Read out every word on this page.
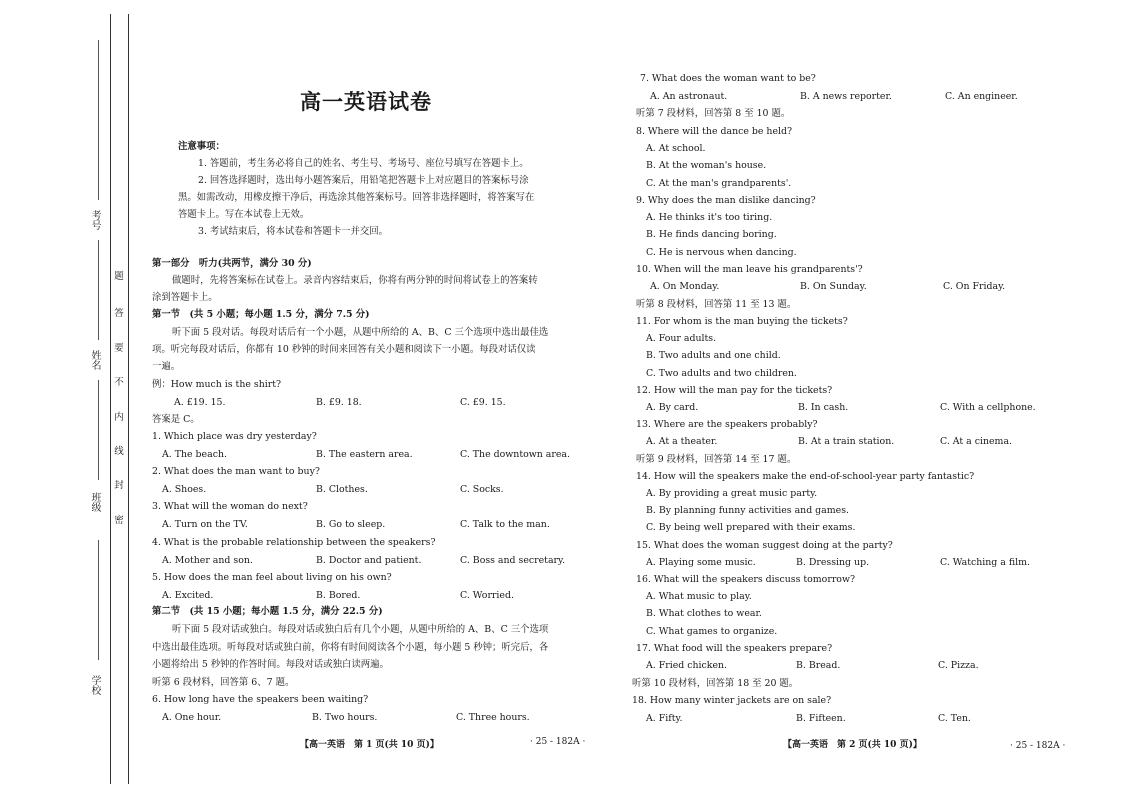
考号
姓名
班级
学校
题
答
要
不
内
线
封
密
高一英语试卷
注意事项：
1. 答题前，考生务必将自己的姓名、考生号、考场号、座位号填写在答题卡上。
2. 回答选择题时，选出每小题答案后，用铅笔把答题卡上对应题目的答案标号涂
黑。如需改动，用橡皮擦干净后，再选涂其他答案标号。回答非选择题时，将答案写在
答题卡上。写在本试卷上无效。
3. 考试结束后，将本试卷和答题卡一并交回。
第一部分　听力(共两节，满分 30 分)
做题时，先将答案标在试卷上。录音内容结束后，你将有两分钟的时间将试卷上的答案转
涂到答题卡上。
第一节　(共 5 小题；每小题 1.5 分，满分 7.5 分)
听下面 5 段对话。每段对话后有一个小题，从题中所给的 A、B、C 三个选项中选出最佳选
项。听完每段对话后，你都有 10 秒钟的时间来回答有关小题和阅读下一小题。每段对话仅读
一遍。
例：How much is the shirt?
A. £19. 15.	B. £9. 18.	C. £9. 15.
答案是 C。
1. Which place was dry yesterday?
A. The beach.	B. The eastern area.	C. The downtown area.
2. What does the man want to buy?
A. Shoes.	B. Clothes.	C. Socks.
3. What will the woman do next?
A. Turn on the TV.	B. Go to sleep.	C. Talk to the man.
4. What is the probable relationship between the speakers?
A. Mother and son.	B. Doctor and patient.	C. Boss and secretary.
5. How does the man feel about living on his own?
A. Excited.	B. Bored.	C. Worried.
第二节　(共 15 小题；每小题 1.5 分，满分 22.5 分)
听下面 5 段对话或独白。每段对话或独白后有几个小题，从题中所给的 A、B、C 三个选项
中选出最佳选项。听每段对话或独白前，你将有时间阅读各个小题，每小题 5 秒钟；听完后，各
小题将给出 5 秒钟的作答时间。每段对话或独白读两遍。
听第 6 段材料，回答第 6、7 题。
6. How long have the speakers been waiting?
A. One hour.	B. Two hours.	C. Three hours.
【高一英语　第 1 页(共 10 页)】	· 25 - 182A ·
7. What does the woman want to be?
A. An astronaut.	B. A news reporter.	C. An engineer.
听第 7 段材料，回答第 8 至 10 题。
8. Where will the dance be held?
A. At school.
B. At the woman's house.
C. At the man's grandparents'.
9. Why does the man dislike dancing?
A. He thinks it's too tiring.
B. He finds dancing boring.
C. He is nervous when dancing.
10. When will the man leave his grandparents'?
A. On Monday.	B. On Sunday.	C. On Friday.
听第 8 段材料，回答第 11 至 13 题。
11. For whom is the man buying the tickets?
A. Four adults.
B. Two adults and one child.
C. Two adults and two children.
12. How will the man pay for the tickets?
A. By card.	B. In cash.	C. With a cellphone.
13. Where are the speakers probably?
A. At a theater.	B. At a train station.	C. At a cinema.
听第 9 段材料，回答第 14 至 17 题。
14. How will the speakers make the end-of-school-year party fantastic?
A. By providing a great music party.
B. By planning funny activities and games.
C. By being well prepared with their exams.
15. What does the woman suggest doing at the party?
A. Playing some music.	B. Dressing up.	C. Watching a film.
16. What will the speakers discuss tomorrow?
A. What music to play.
B. What clothes to wear.
C. What games to organize.
17. What food will the speakers prepare?
A. Fried chicken.	B. Bread.	C. Pizza.
听第 10 段材料，回答第 18 至 20 题。
18. How many winter jackets are on sale?
A. Fifty.	B. Fifteen.	C. Ten.
【高一英语　第 2 页(共 10 页)】	· 25 - 182A ·
